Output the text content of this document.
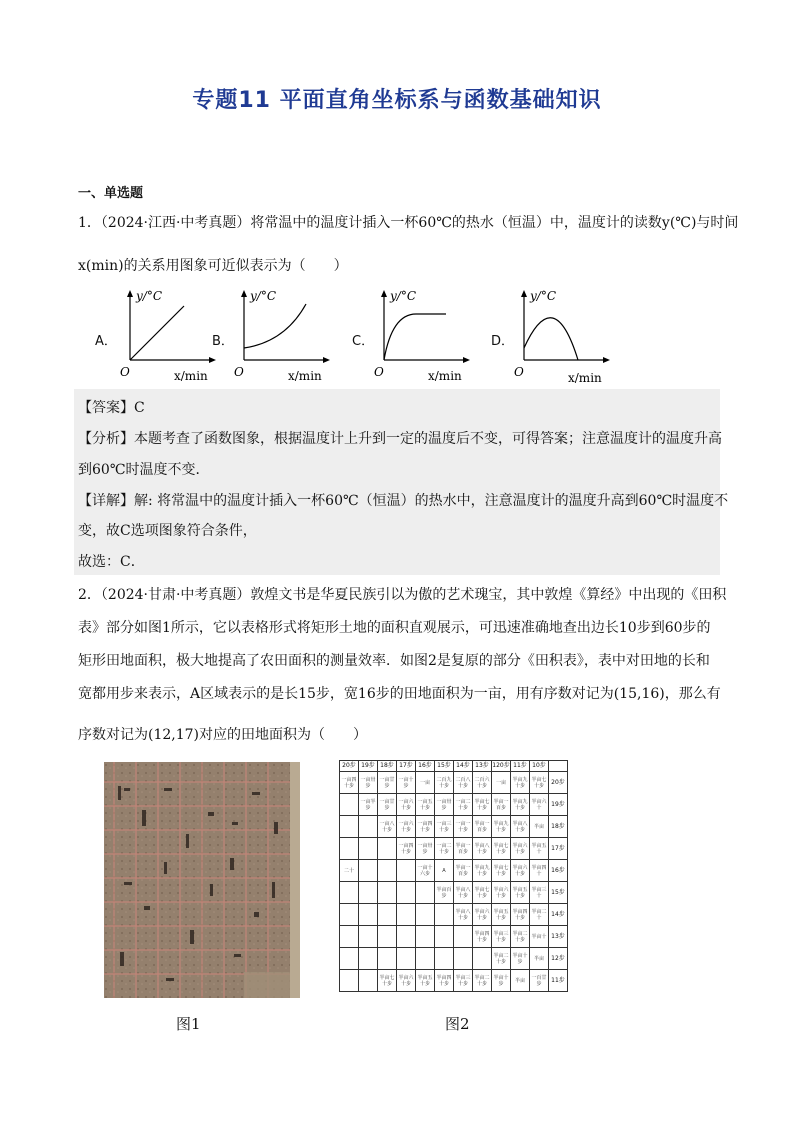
专题11 平面直角坐标系与函数基础知识
一、单选题
1．（2024·江西·中考真题）将常温中的温度计插入一杯60℃的热水（恒温）中，温度计的读数y(℃)与时间
x(min)的关系用图象可近似表示为（　　）
A．	B．	C．	D．
y/°C
O	x/min
y/°C
O	x/min
y/°C
O	x/min
y/°C
O	x/min
【答案】C
【分析】本题考查了函数图象，根据温度计上升到一定的温度后不变，可得答案；注意温度计的温度升高
到60℃时温度不变．
【详解】解: 将常温中的温度计插入一杯60℃（恒温）的热水中，注意温度计的温度升高到60℃时温度不
变，故C选项图象符合条件，
故选：C．
2．（2024·甘肃·中考真题）敦煌文书是华夏民族引以为傲的艺术瑰宝，其中敦煌《算经》中出现的《田积
表》部分如图1所示，它以表格形式将矩形土地的面积直观展示，可迅速准确地查出边长10步到60步的
矩形田地面积，极大地提高了农田面积的测量效率．如图2是复原的部分《田积表》，表中对田地的长和
宽都用步来表示，A区域表示的是长15步，宽16步的田地面积为一亩，用有序数对记为(15,16)，那么有
序数对记为(12,17)对应的田地面积为（　　）
图1
20步	19步	18步	17步	16步	15步	14步	13步	120步	11步	10步	
一亩四十步	一亩卅步	一亩廿步	一亩十步	一亩	二百九十步	二百八十步	二百六十步	一亩	半亩九十步	半亩七十步	20步
	一亩半步	一亩廿步	一亩六十步	一亩五十步	一亩卅步	一亩二十步	半亩七十步	半亩一百步	半亩九十步	半亩六十	19步
		一亩八十步	一亩六十步	一亩四十步	一亩三十步	一亩一十步	半亩一百步	半亩九十步	半亩八十步	半亩	18步
			一亩四十步	一亩卅步	一亩二十步	半亩一百步	半亩八十步	半亩七十步	半亩六十步	半亩五十	17步
二十				一亩十六步	A	半亩一百步	半亩九十步	半亩七十步	半亩六十步	半亩四十	16步
					半亩百步	半亩八十步	半亩七十步	半亩六十步	半亩五十步	半亩三十	15步
						半亩八十步	半亩六十步	半亩五十步	半亩四十步	半亩二十	14步
							半亩四十步	半亩三十步	半亩二十步	半亩十	13步
								半亩二十步	半亩十步	半亩	12步
		半亩七十步	半亩六十步	半亩五十步	半亩四十步	半亩三十步	半亩二十步	半亩十步	半亩	一百廿步	11步
图2
